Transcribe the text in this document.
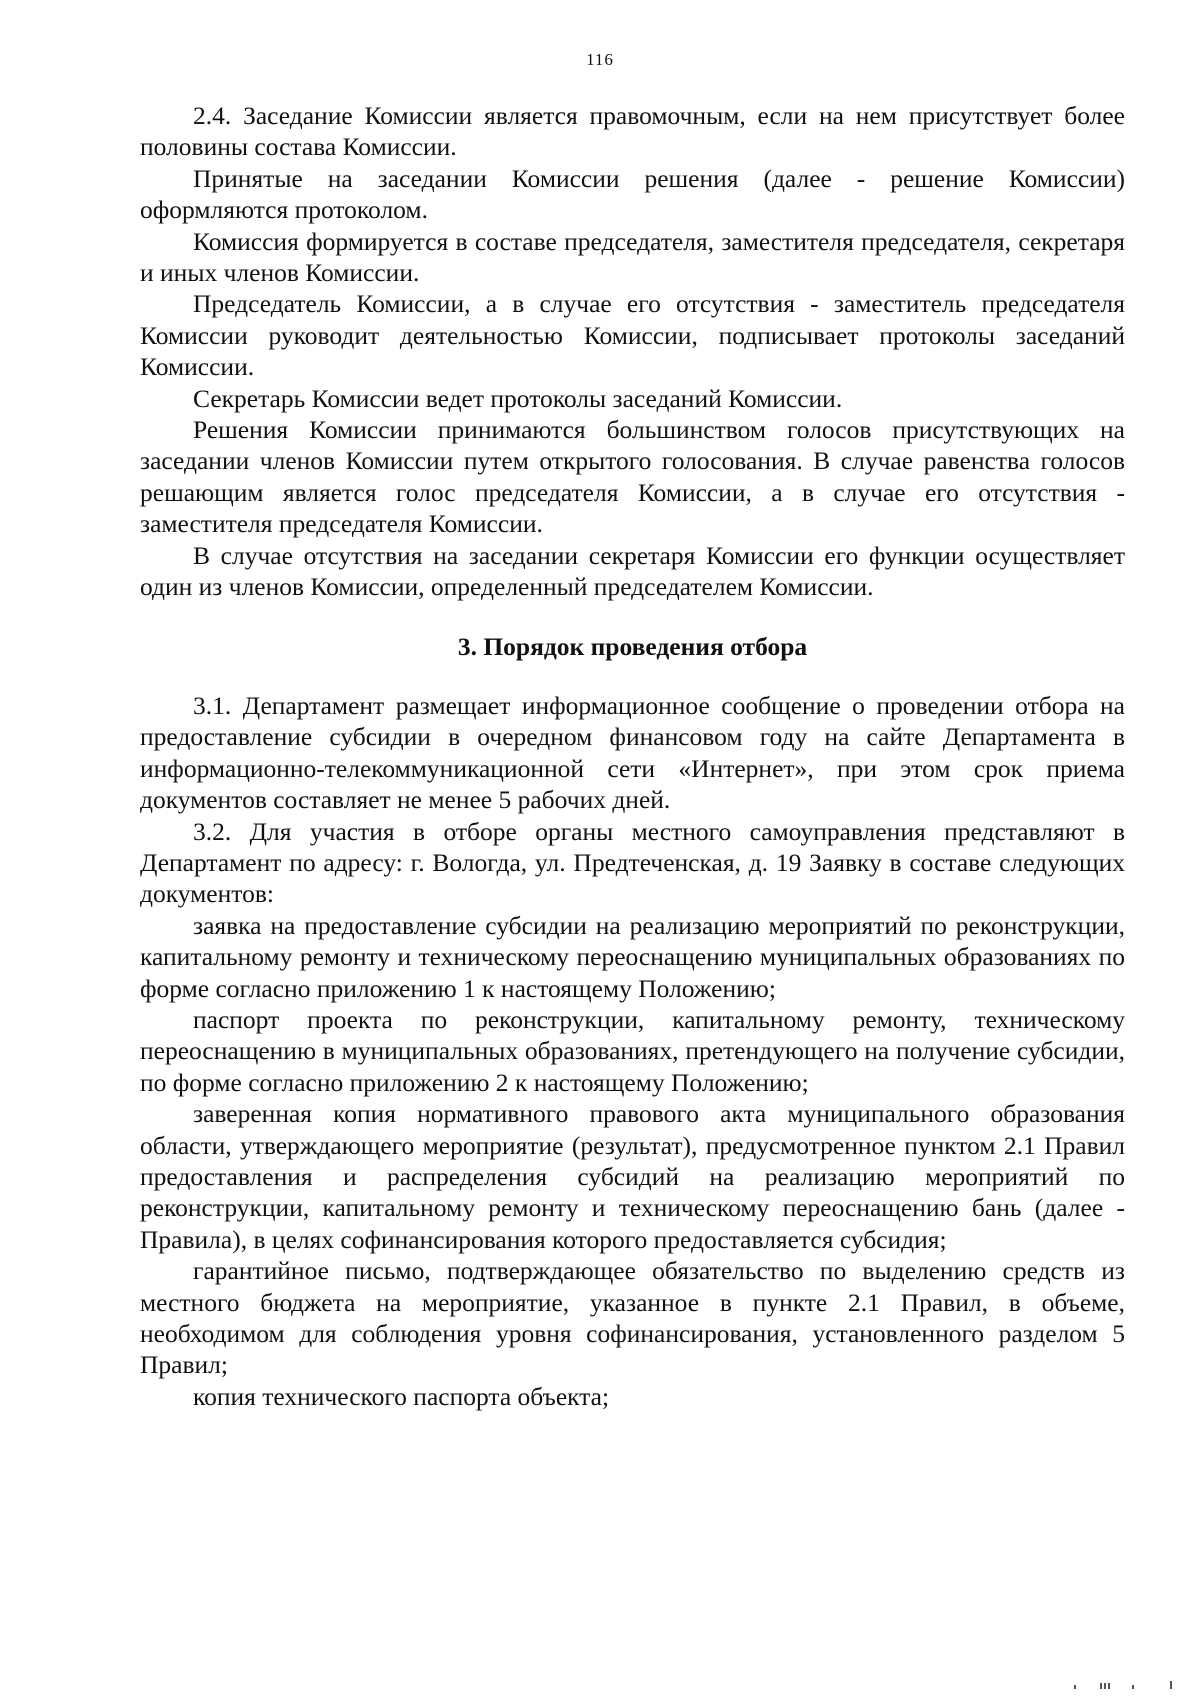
116

2.4. Заседание Комиссии является правомочным, если на нем присутствует более половины состава Комиссии.

Принятые на заседании Комиссии решения (далее - решение Комиссии) оформляются протоколом.

Комиссия формируется в составе председателя, заместителя председателя, секретаря и иных членов Комиссии.

Председатель Комиссии, а в случае его отсутствия - заместитель председателя Комиссии руководит деятельностью Комиссии, подписывает протоколы заседаний Комиссии.

Секретарь Комиссии ведет протоколы заседаний Комиссии.

Решения Комиссии принимаются большинством голосов присутствующих на заседании членов Комиссии путем открытого голосования. В случае равенства голосов решающим является голос председателя Комиссии, а в случае его отсутствия - заместителя председателя Комиссии.

В случае отсутствия на заседании секретаря Комиссии его функции осуществляет один из членов Комиссии, определенный председателем Комиссии.

3. Порядок проведения отбора

3.1. Департамент размещает информационное сообщение о проведении отбора на предоставление субсидии в очередном финансовом году на сайте Департамента в информационно-телекоммуникационной сети «Интернет», при этом срок приема документов составляет не менее 5 рабочих дней.

3.2. Для участия в отборе органы местного самоуправления представляют в Департамент по адресу: г. Вологда, ул. Предтеченская, д. 19 Заявку в составе следующих документов:

заявка на предоставление субсидии на реализацию мероприятий по реконструкции, капитальному ремонту и техническому переоснащению муниципальных образованиях по форме согласно приложению 1 к настоящему Положению;

паспорт проекта по реконструкции, капитальному ремонту, техническому переоснащению в муниципальных образованиях, претендующего на получение субсидии, по форме согласно приложению 2 к настоящему Положению;

заверенная копия нормативного правового акта муниципального образования области, утверждающего мероприятие (результат), предусмотренное пунктом 2.1 Правил предоставления и распределения субсидий на реализацию мероприятий по реконструкции, капитальному ремонту и техническому переоснащению бань (далее - Правила), в целях софинансирования которого предоставляется субсидия;

гарантийное письмо, подтверждающее обязательство по выделению средств из местного бюджета на мероприятие, указанное в пункте 2.1 Правил, в объеме, необходимом для соблюдения уровня софинансирования, установленного разделом 5 Правил;

копия технического паспорта объекта;
